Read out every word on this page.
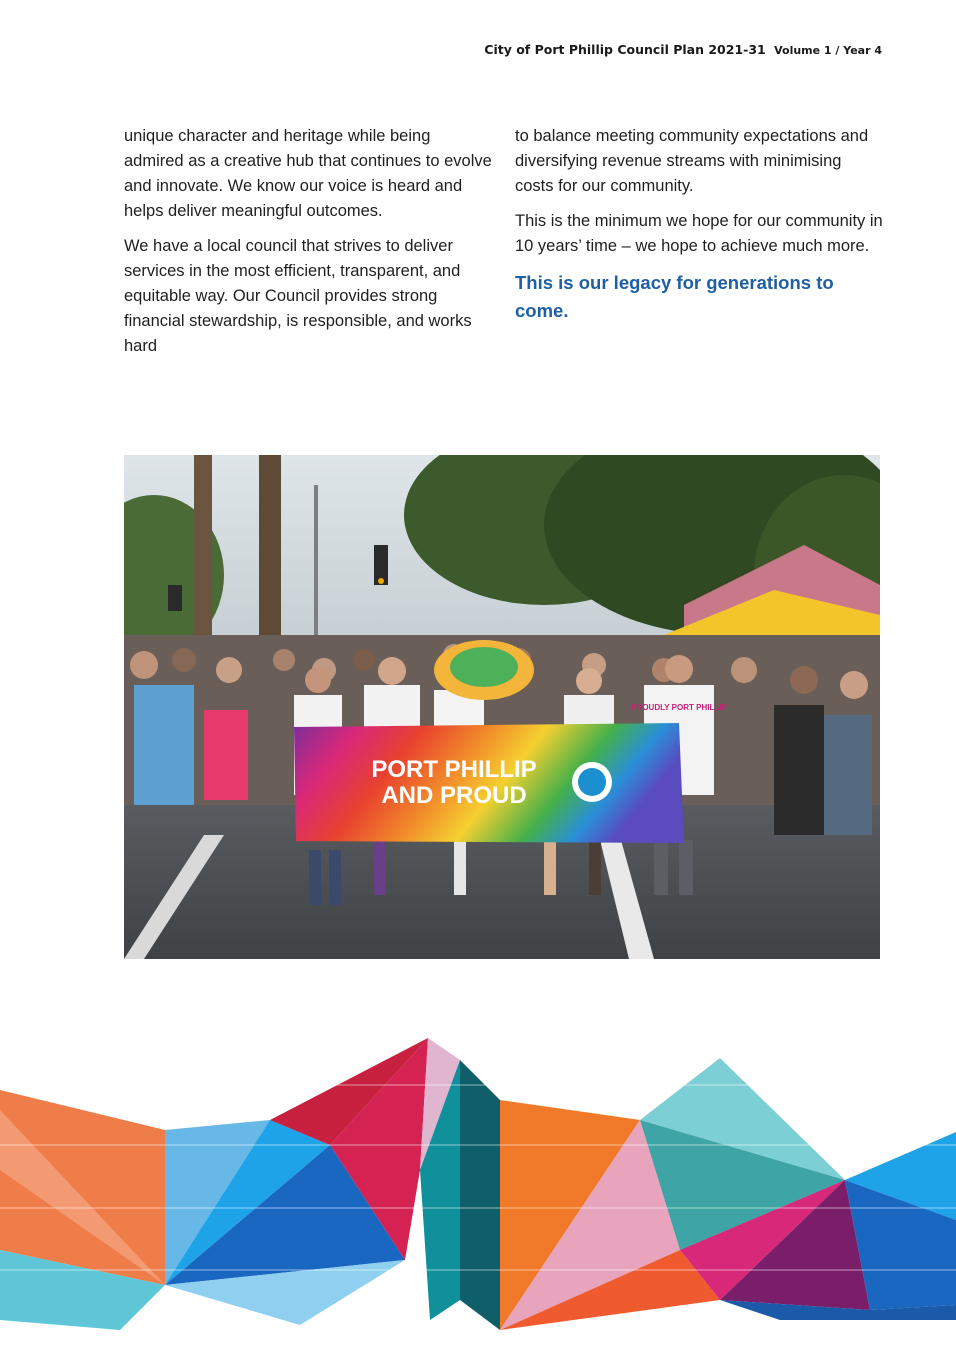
City of Port Phillip Council Plan 2021-31 Volume 1 / Year 4

unique character and heritage while being admired as a creative hub that continues to evolve and innovate. We know our voice is heard and helps deliver meaningful outcomes.

We have a local council that strives to deliver services in the most efficient, transparent, and equitable way. Our Council provides strong financial stewardship, is responsible, and works hard

to balance meeting community expectations and diversifying revenue streams with minimising costs for our community.

This is the minimum we hope for our community in 10 years’ time – we hope to achieve much more.

This is our legacy for generations to come.

PORT PHILLIP
AND PROUD
PROUDLY PORT PHILLIP
